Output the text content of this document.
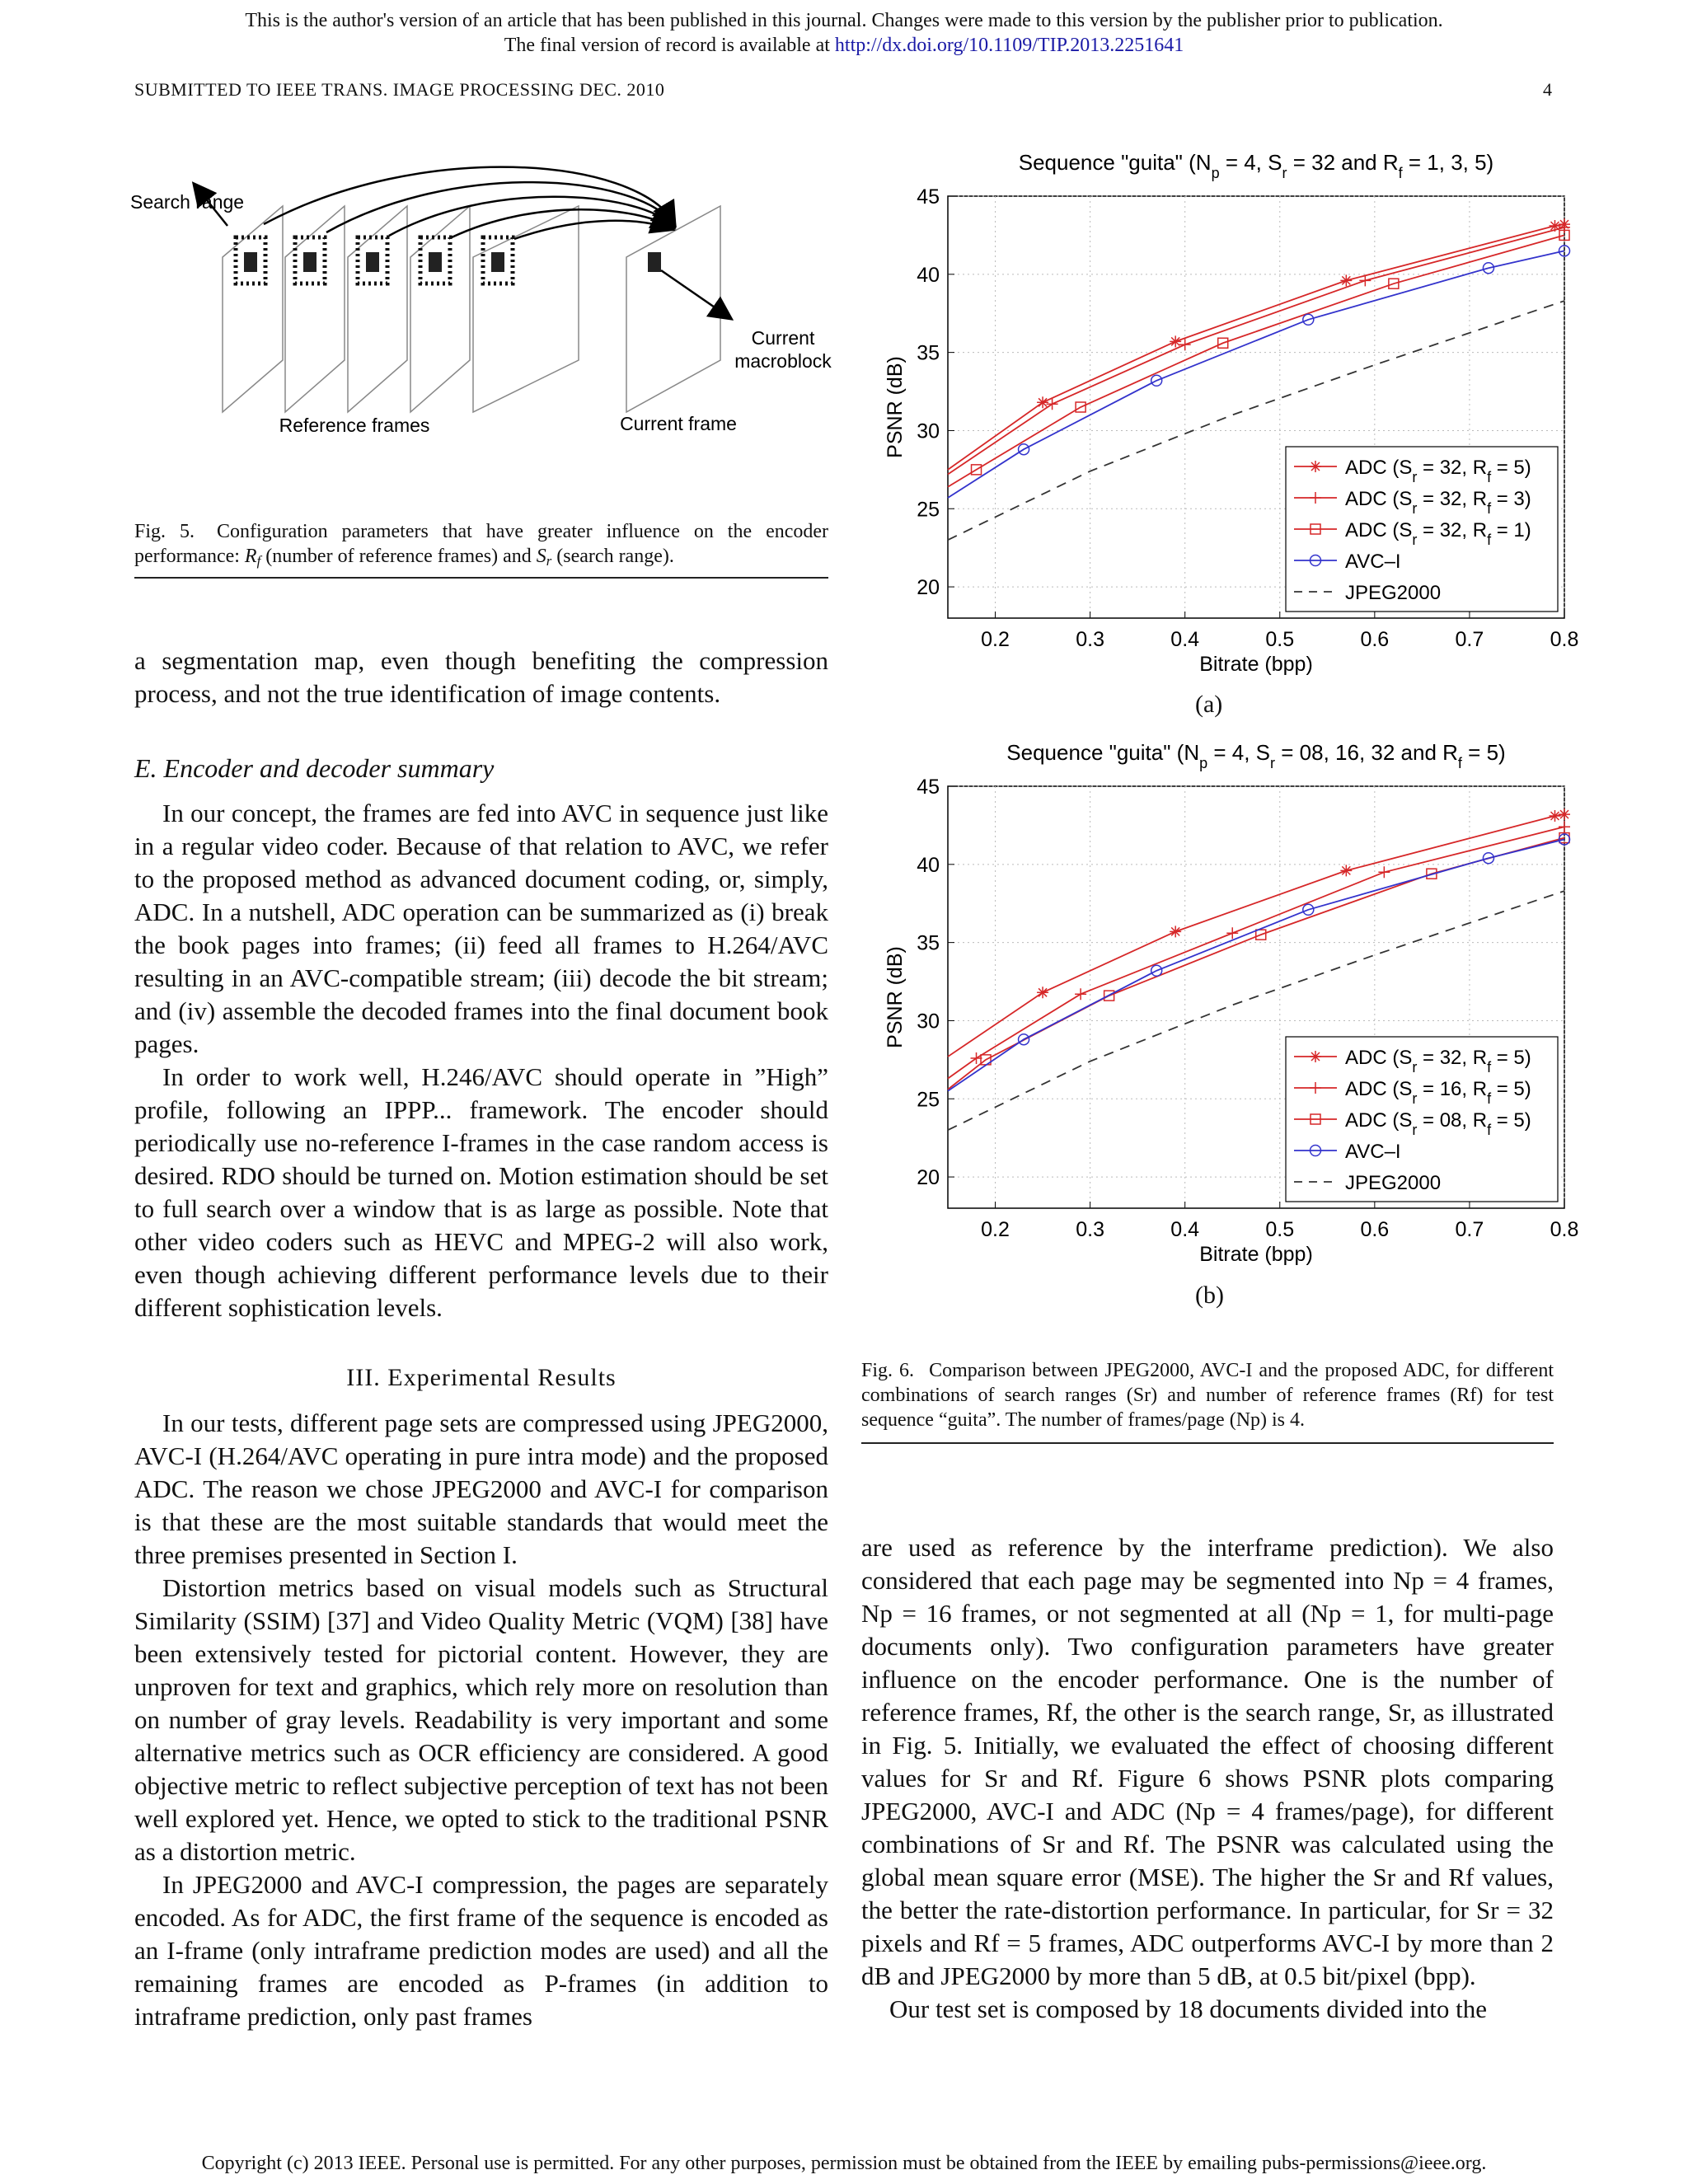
This is the author's version of an article that has been published in this journal. Changes were made to this version by the publisher prior to publication.
The final version of record is available at http://dx.doi.org/10.1109/TIP.2013.2251641
SUBMITTED TO IEEE TRANS. IMAGE PROCESSING DEC. 2010	4
Search range
Current
macroblock
Reference frames	Current frame
Fig. 5. Configuration parameters that have greater influence on the encoder performance: $R_f$ (number of reference frames) and $S_r$ (search range).

a segmentation map, even though benefiting the compression process, and not the true identification of image contents.

E. Encoder and decoder summary

In our concept, the frames are fed into AVC in sequence just like in a regular video coder. Because of that relation to AVC, we refer to the proposed method as advanced document coding, or, simply, ADC. In a nutshell, ADC operation can be summarized as (i) break the book pages into frames; (ii) feed all frames to H.264/AVC resulting in an AVC-compatible stream; (iii) decode the bit stream; and (iv) assemble the decoded frames into the final document book pages.

In order to work well, H.246/AVC should operate in ”High” profile, following an IPPP... framework. The encoder should periodically use no-reference I-frames in the case random access is desired. RDO should be turned on. Motion estimation should be set to full search over a window that is as large as possible. Note that other video coders such as HEVC and MPEG-2 will also work, even though achieving different performance levels due to their different sophistication levels.

III. Experimental Results

In our tests, different page sets are compressed using JPEG2000, AVC-I (H.264/AVC operating in pure intra mode) and the proposed ADC. The reason we chose JPEG2000 and AVC-I for comparison is that these are the most suitable standards that would meet the three premises presented in Section I.

Distortion metrics based on visual models such as Structural Similarity (SSIM) [37] and Video Quality Metric (VQM) [38] have been extensively tested for pictorial content. However, they are unproven for text and graphics, which rely more on resolution than on number of gray levels. Readability is very important and some alternative metrics such as OCR efficiency are considered. A good objective metric to reflect subjective perception of text has not been well explored yet. Hence, we opted to stick to the traditional PSNR as a distortion metric.

In JPEG2000 and AVC-I compression, the pages are separately encoded. As for ADC, the first frame of the sequence is encoded as an I-frame (only intraframe prediction modes are used) and all the remaining frames are encoded as P-frames (in addition to intraframe prediction, only past frames

Sequence "guita" ($N_p = 4$, $S_r = 32$ and $R_f = 1$, 3, 5)
0.2	0.3	0.4	0.5	0.6	0.7	0.8
20
25
30
35
40
45
Bitrate (bpp)
PSNR (dB)
ADC ($S_r = 32$, $R_f = 5$)
ADC ($S_r = 32$, $R_f = 3$)
ADC ($S_r = 32$, $R_f = 1$)
AVC–I
JPEG2000
(a)
Sequence "guita" ($N_p = 4$, $S_r = 08$, 16, 32 and $R_f = 5$)
0.2	0.3	0.4	0.5	0.6	0.7	0.8
20
25
30
35
40
45
Bitrate (bpp)
PSNR (dB)
ADC ($S_r = 32$, $R_f = 5$)
ADC ($S_r = 16$, $R_f = 5$)
ADC ($S_r = 08$, $R_f = 5$)
AVC–I
JPEG2000
(b)
Fig. 6. Comparison between JPEG2000, AVC-I and the proposed ADC, for different combinations of search ranges (Sr) and number of reference frames (Rf) for test sequence “guita”. The number of frames/page (Np) is 4.

are used as reference by the interframe prediction). We also considered that each page may be segmented into Np = 4 frames, Np = 16 frames, or not segmented at all (Np = 1, for multi-page documents only). Two configuration parameters have greater influence on the encoder performance. One is the number of reference frames, Rf, the other is the search range, Sr, as illustrated in Fig. 5. Initially, we evaluated the effect of choosing different values for Sr and Rf. Figure 6 shows PSNR plots comparing JPEG2000, AVC-I and ADC (Np = 4 frames/page), for different combinations of Sr and Rf. The PSNR was calculated using the global mean square error (MSE). The higher the Sr and Rf values, the better the rate-distortion performance. In particular, for Sr = 32 pixels and Rf = 5 frames, ADC outperforms AVC-I by more than 2 dB and JPEG2000 by more than 5 dB, at 0.5 bit/pixel (bpp).

Our test set is composed by 18 documents divided into the

Copyright (c) 2013 IEEE. Personal use is permitted. For any other purposes, permission must be obtained from the IEEE by emailing pubs-permissions@ieee.org.
